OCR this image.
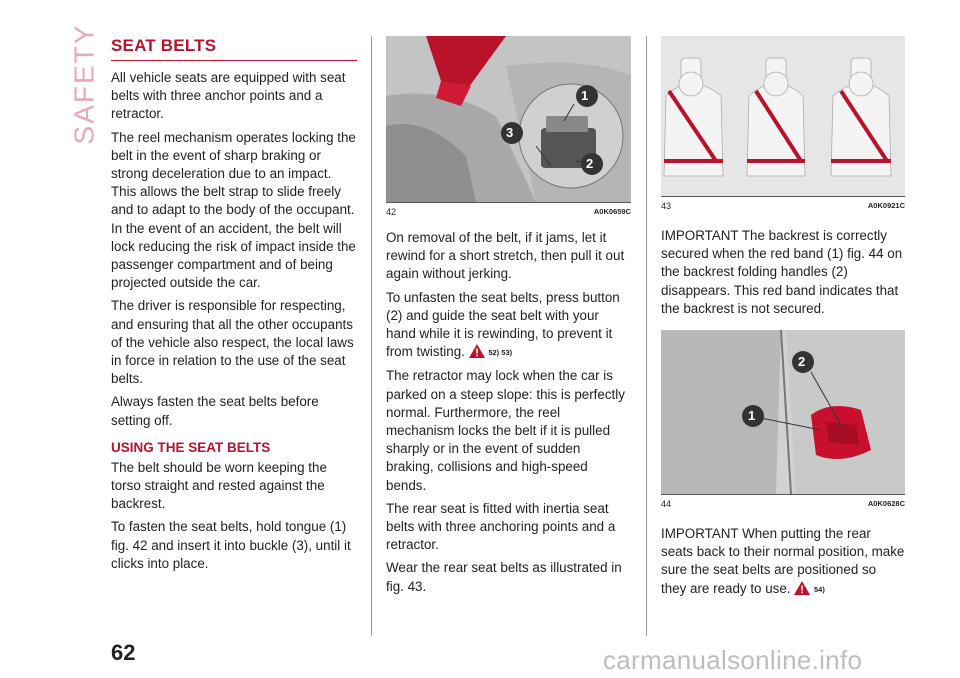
SAFETY SEAT BELTS

All vehicle seats are equipped with seat belts with three anchor points and a retractor.

The reel mechanism operates locking the belt in the event of sharp braking or strong deceleration due to an impact. This allows the belt strap to slide freely and to adapt to the body of the occupant. In the event of an accident, the belt will lock reducing the risk of impact inside the passenger compartment and of being projected outside the car.

The driver is responsible for respecting, and ensuring that all the other occupants of the vehicle also respect, the local laws in force in relation to the use of the seat belts.

Always fasten the seat belts before setting off.

USING THE SEAT BELTS

The belt should be worn keeping the torso straight and rested against the backrest.

To fasten the seat belts, hold tongue (1) fig. 42 and insert it into buckle (3), until it clicks into place.

1
3
2
42	A0K0659C

On removal of the belt, if it jams, let it rewind for a short stretch, then pull it out again without jerking.

To unfasten the seat belts, press button (2) and guide the seat belt with your hand while it is rewinding, to prevent it from twisting.	52) 53)

The retractor may lock when the car is parked on a steep slope: this is perfectly normal. Furthermore, the reel mechanism locks the belt if it is pulled sharply or in the event of sudden braking, collisions and high-speed bends.

The rear seat is fitted with inertia seat belts with three anchoring points and a retractor.

Wear the rear seat belts as illustrated in fig. 43.

43	A0K0921C

IMPORTANT The backrest is correctly secured when the red band (1) fig. 44 on the backrest folding handles (2) disappears. This red band indicates that the backrest is not secured.

2
1
44	A0K0628C

IMPORTANT When putting the rear seats back to their normal position, make sure the seat belts are positioned so they are ready to use.	54)

62	carmanualsonline.info
